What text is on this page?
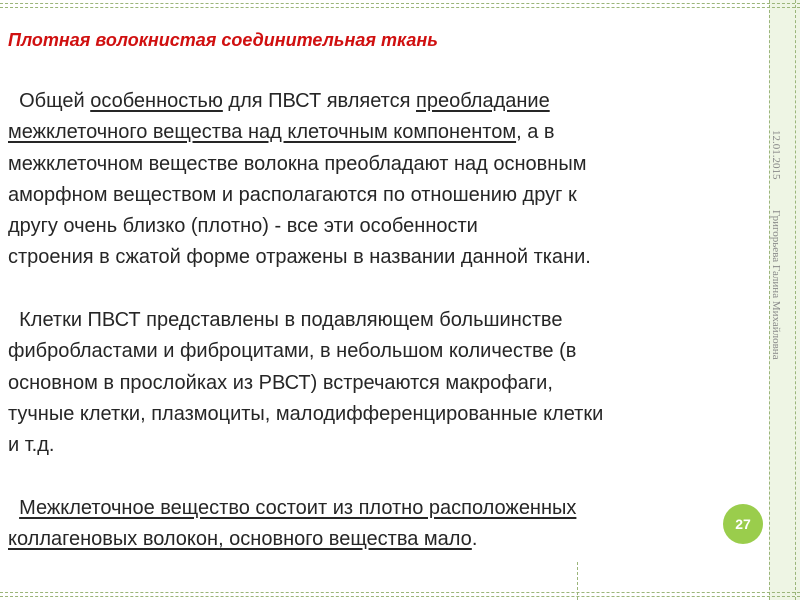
Плотная волокнистая соединительная ткань
Общей особенностью для ПВСТ является преобладание
межклеточного вещества над клеточным компонентом, а в
межклеточном веществе волокна преобладают над основным
аморфном веществом и располагаются по отношению друг к
другу очень близко (плотно) - все эти особенности
строения в сжатой форме отражены в названии данной ткани.
Клетки ПВСТ представлены в подавляющем большинстве
фибробластами и фиброцитами, в небольшом количестве (в
основном в прослойках из РВСТ) встречаются макрофаги,
тучные клетки, плазмоциты, малодифференцированные клетки
и т.д.
Межклеточное вещество состоит из плотно расположенных
коллагеновых волокон, основного вещества мало.
12.01.2015
Григорьева Галина Михайловна
27
